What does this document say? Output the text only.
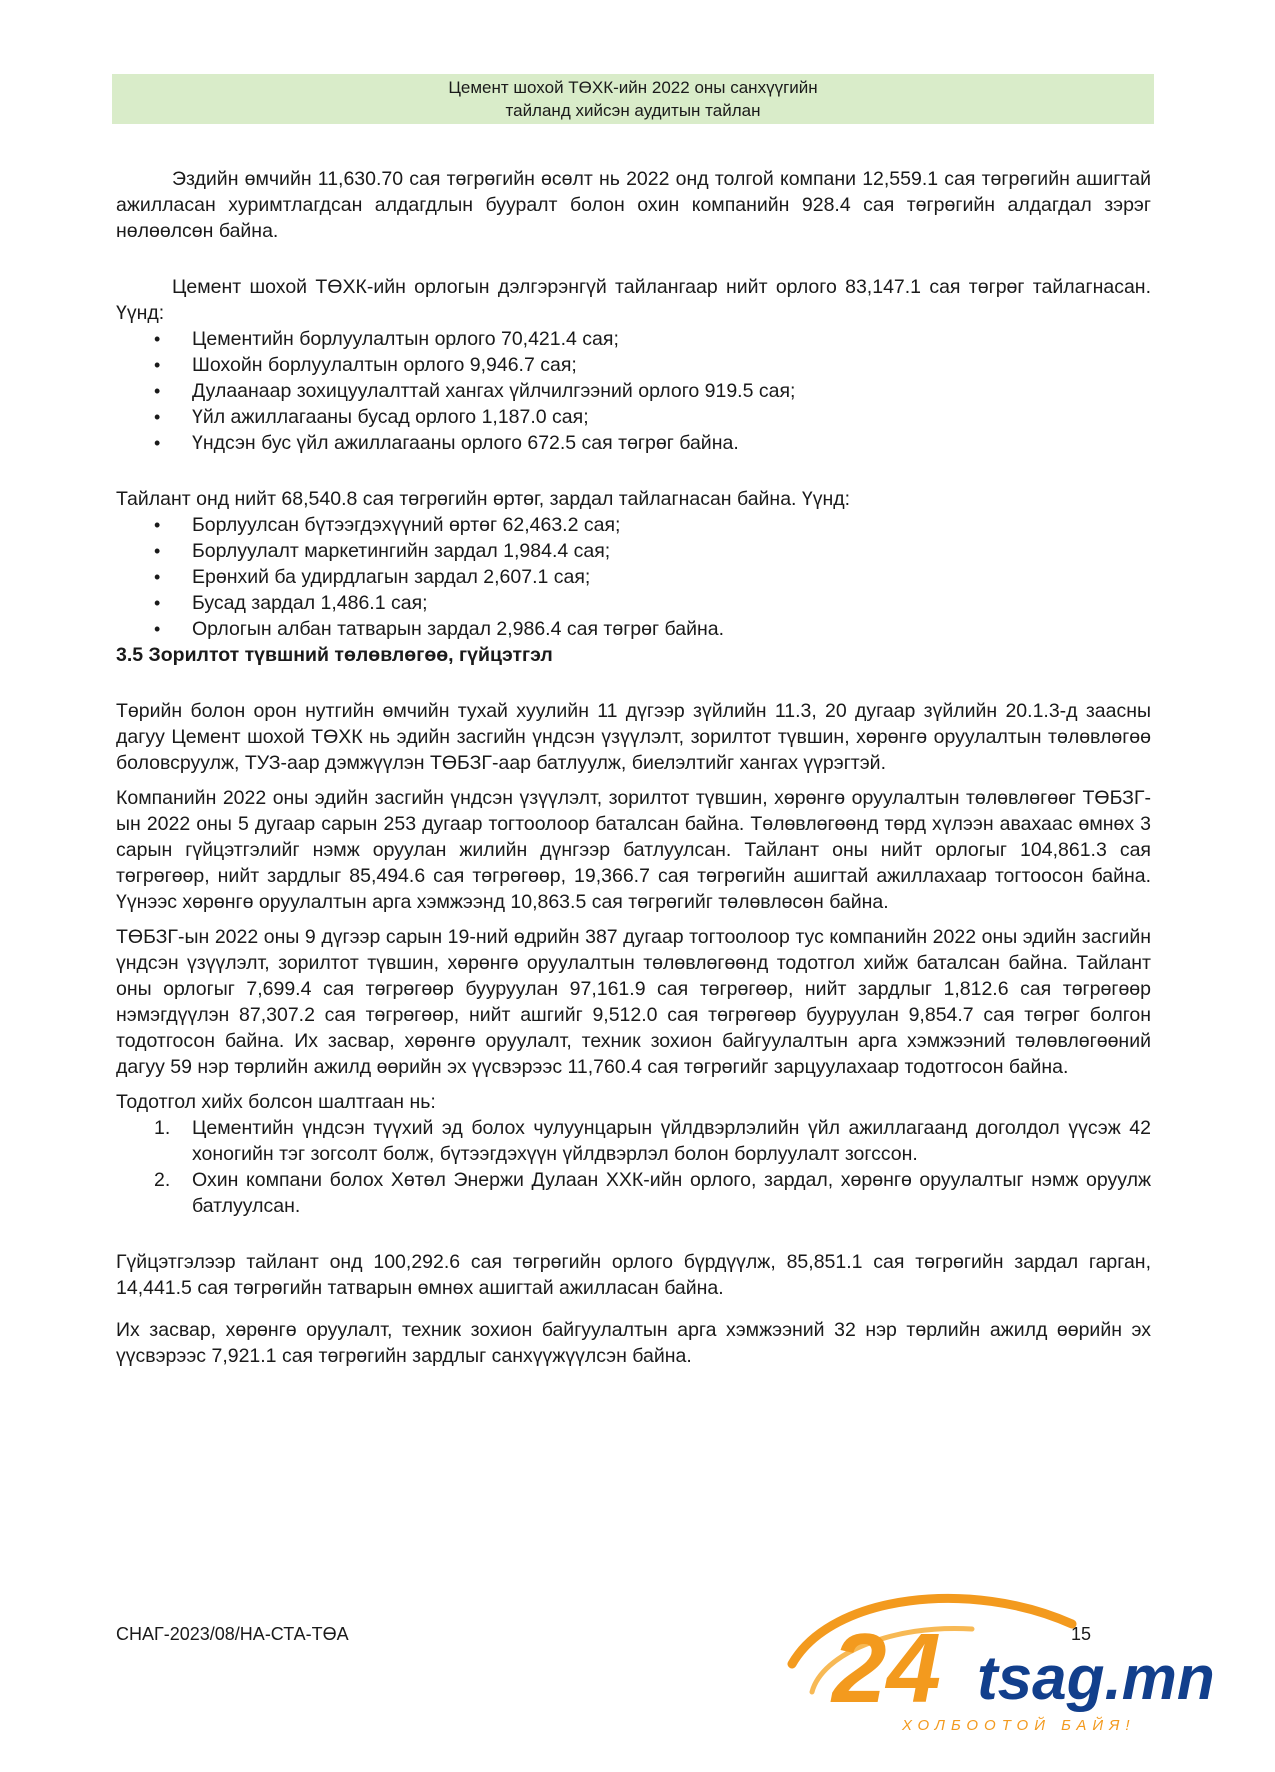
Цемент шохой ТӨХК-ийн 2022 оны санхүүгийн
тайланд хийсэн аудитын тайлан

Эздийн өмчийн 11,630.70 сая төгрөгийн өсөлт нь 2022 онд толгой компани 12,559.1 сая төгрөгийн ашигтай ажилласан хуримтлагдсан алдагдлын бууралт болон охин компанийн 928.4 сая төгрөгийн алдагдал зэрэг нөлөөлсөн байна.

Цемент шохой ТӨХК-ийн орлогын дэлгэрэнгүй тайлангаар нийт орлого 83,147.1 сая төгрөг тайлагнасан. Үүнд:

• Цементийн борлуулалтын орлого 70,421.4 сая;
• Шохойн борлуулалтын орлого 9,946.7 сая;
• Дулаанаар зохицуулалттай хангах үйлчилгээний орлого 919.5 сая;
• Үйл ажиллагааны бусад орлого 1,187.0 сая;
• Үндсэн бус үйл ажиллагааны орлого 672.5 сая төгрөг байна.

Тайлант онд нийт 68,540.8 сая төгрөгийн өртөг, зардал тайлагнасан байна. Үүнд:

• Борлуулсан бүтээгдэхүүний өртөг 62,463.2 сая;
• Борлуулалт маркетингийн зардал 1,984.4 сая;
• Ерөнхий ба удирдлагын зардал 2,607.1 сая;
• Бусад зардал 1,486.1 сая;
• Орлогын албан татварын зардал 2,986.4 сая төгрөг байна.

3.5 Зорилтот түвшний төлөвлөгөө, гүйцэтгэл

Төрийн болон орон нутгийн өмчийн тухай хуулийн 11 дүгээр зүйлийн 11.3, 20 дугаар зүйлийн 20.1.3-д заасны дагуу Цемент шохой ТӨХК нь эдийн засгийн үндсэн үзүүлэлт, зорилтот түвшин, хөрөнгө оруулалтын төлөвлөгөө боловсруулж, ТУЗ-аар дэмжүүлэн ТӨБЗГ-аар батлуулж, биелэлтийг хангах үүрэгтэй.

Компанийн 2022 оны эдийн засгийн үндсэн үзүүлэлт, зорилтот түвшин, хөрөнгө оруулалтын төлөвлөгөөг ТӨБЗГ-ын 2022 оны 5 дугаар сарын 253 дугаар тогтоолоор баталсан байна. Төлөвлөгөөнд төрд хүлээн авахаас өмнөх 3 сарын гүйцэтгэлийг нэмж оруулан жилийн дүнгээр батлуулсан. Тайлант оны нийт орлогыг 104,861.3 сая төгрөгөөр, нийт зардлыг 85,494.6 сая төгрөгөөр, 19,366.7 сая төгрөгийн ашигтай ажиллахаар тогтоосон байна. Үүнээс хөрөнгө оруулалтын арга хэмжээнд 10,863.5 сая төгрөгийг төлөвлөсөн байна.

ТӨБЗГ-ын 2022 оны 9 дүгээр сарын 19-ний өдрийн 387 дугаар тогтоолоор тус компанийн 2022 оны эдийн засгийн үндсэн үзүүлэлт, зорилтот түвшин, хөрөнгө оруулалтын төлөвлөгөөнд тодотгол хийж баталсан байна. Тайлант оны орлогыг 7,699.4 сая төгрөгөөр бууруулан 97,161.9 сая төгрөгөөр, нийт зардлыг 1,812.6 сая төгрөгөөр нэмэгдүүлэн 87,307.2 сая төгрөгөөр, нийт ашгийг 9,512.0 сая төгрөгөөр бууруулан 9,854.7 сая төгрөг болгон тодотгосон байна. Их засвар, хөрөнгө оруулалт, техник зохион байгуулалтын арга хэмжээний төлөвлөгөөний дагуу 59 нэр төрлийн ажилд өөрийн эх үүсвэрээс 11,760.4 сая төгрөгийг зарцуулахаар тодотгосон байна.

Тодотгол хийх болсон шалтгаан нь:

1. Цементийн үндсэн түүхий эд болох чулуунцарын үйлдвэрлэлийн үйл ажиллагаанд доголдол үүсэж 42 хоногийн тэг зогсолт болж, бүтээгдэхүүн үйлдвэрлэл болон борлуулалт зогссон.
2. Охин компани болох Хөтөл Энержи Дулаан ХХК-ийн орлого, зардал, хөрөнгө оруулалтыг нэмж оруулж батлуулсан.

Гүйцэтгэлээр тайлант онд 100,292.6 сая төгрөгийн орлого бүрдүүлж, 85,851.1 сая төгрөгийн зардал гарган, 14,441.5 сая төгрөгийн татварын өмнөх ашигтай ажилласан байна.

Их засвар, хөрөнгө оруулалт, техник зохион байгуулалтын арга хэмжээний 32 нэр төрлийн ажилд өөрийн эх үүсвэрээс 7,921.1 сая төгрөгийн зардлыг санхүүжүүлсэн байна.

СНАГ-2023/08/НА-СТА-ТӨА	15
24 tsag.mn
ХОЛБООТОЙ БАЙЯ!
